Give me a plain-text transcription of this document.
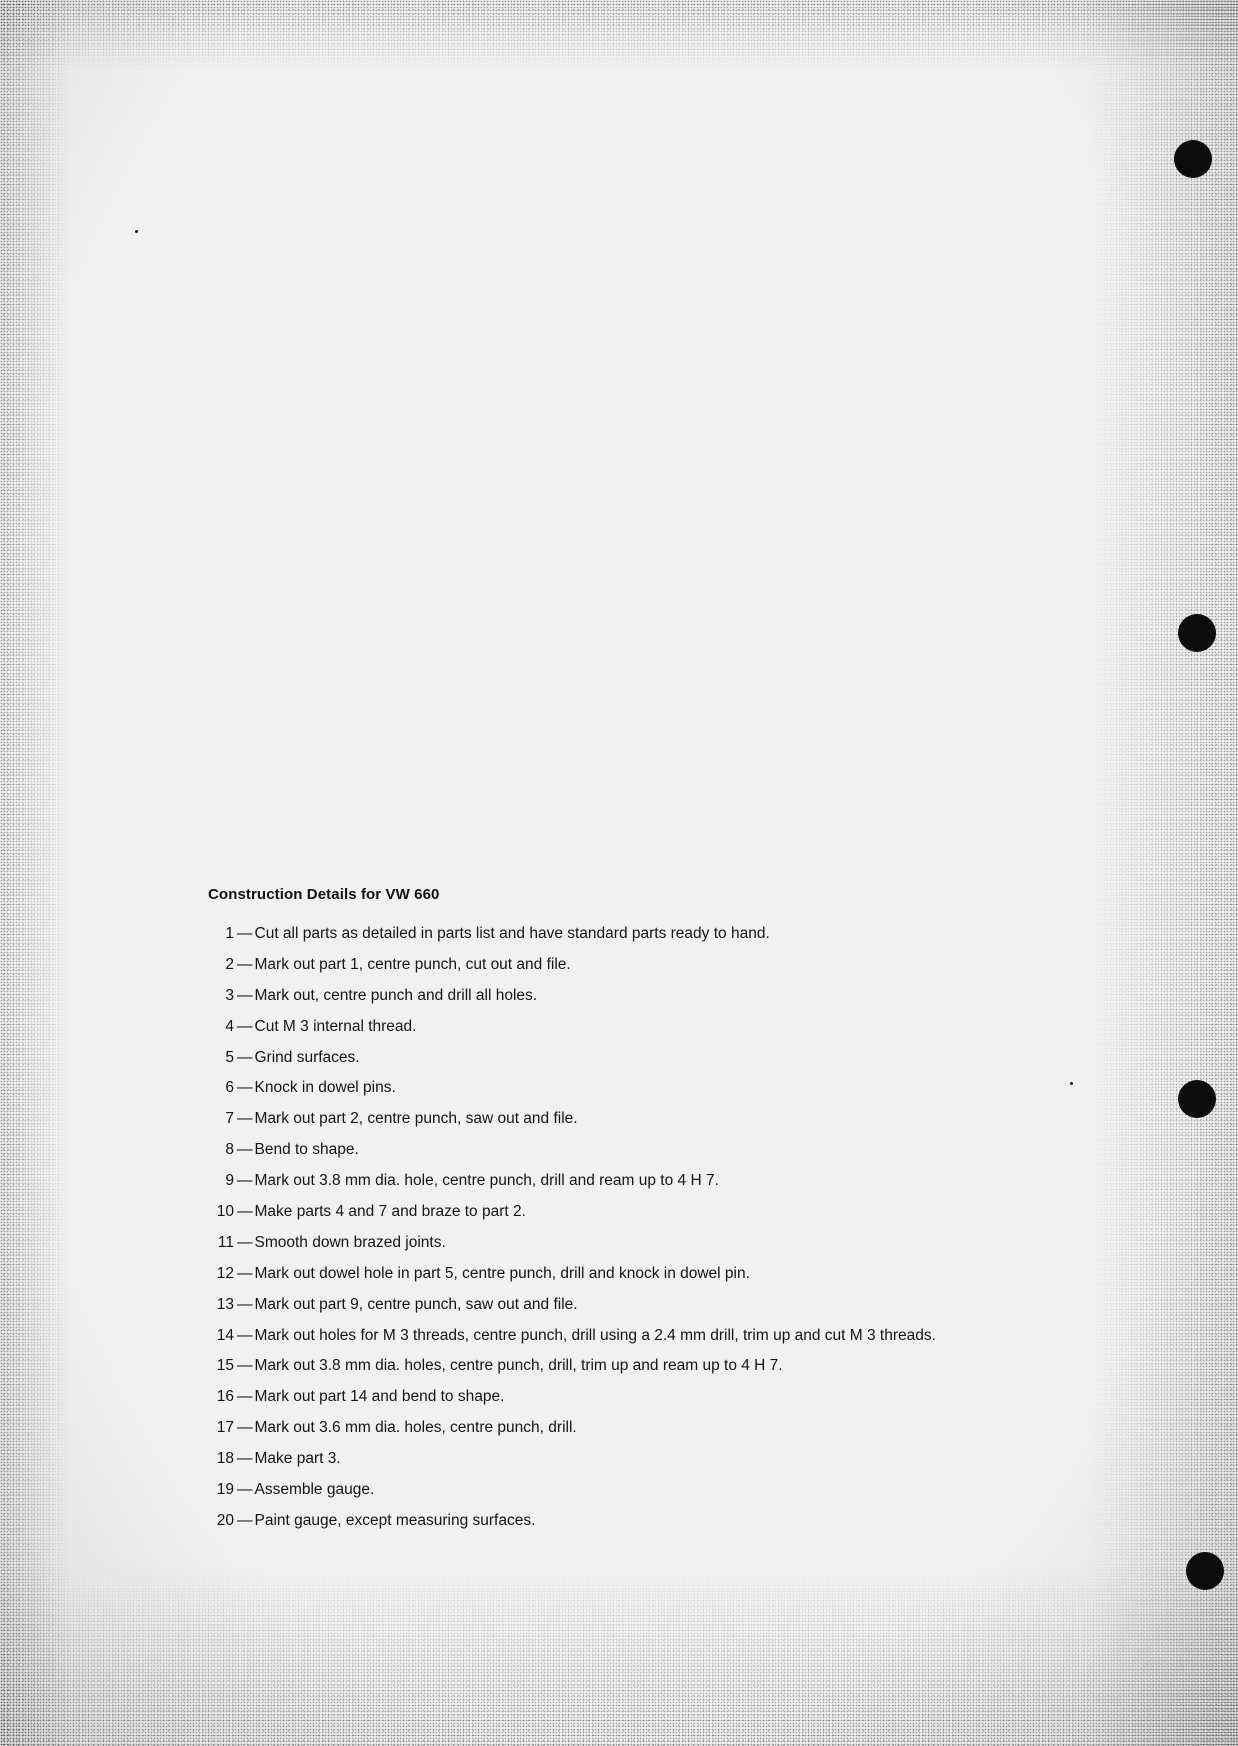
Construction Details for VW 660
1 — Cut all parts as detailed in parts list and have standard parts ready to hand.
2 — Mark out part 1, centre punch, cut out and file.
3 — Mark out, centre punch and drill all holes.
4 — Cut M 3 internal thread.
5 — Grind surfaces.
6 — Knock in dowel pins.
7 — Mark out part 2, centre punch, saw out and file.
8 — Bend to shape.
9 — Mark out 3.8 mm dia. hole, centre punch, drill and ream up to 4 H 7.
10 — Make parts 4 and 7 and braze to part 2.
11 — Smooth down brazed joints.
12 — Mark out dowel hole in part 5, centre punch, drill and knock in dowel pin.
13 — Mark out part 9, centre punch, saw out and file.
14 — Mark out holes for M 3 threads, centre punch, drill using a 2.4 mm drill, trim up and cut M 3 threads.
15 — Mark out 3.8 mm dia. holes, centre punch, drill, trim up and ream up to 4 H 7.
16 — Mark out part 14 and bend to shape.
17 — Mark out 3.6 mm dia. holes, centre punch, drill.
18 — Make part 3.
19 — Assemble gauge.
20 — Paint gauge, except measuring surfaces.
